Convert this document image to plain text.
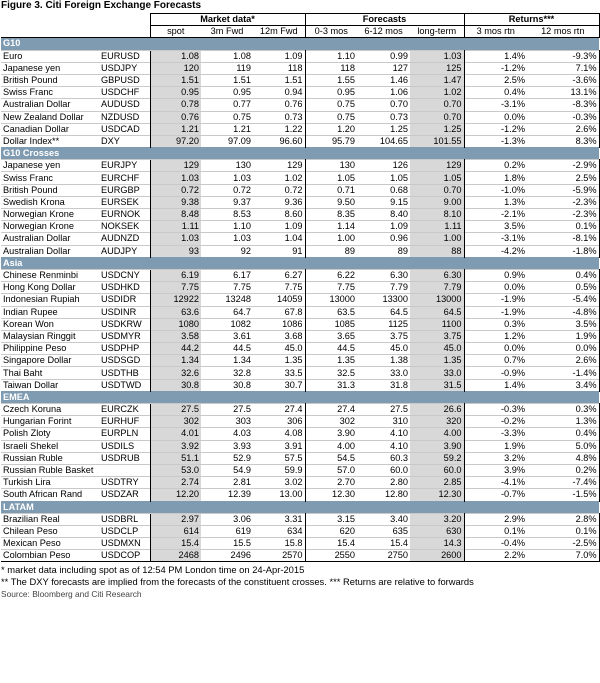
Figure 3. Citi Foreign Exchange Forecasts
		Market data*			Forecasts			Returns***	
		spot	3m Fwd	12m Fwd	0-3 mos	6-12 mos	long-term	3 mos rtn	12 mos rtn
G10									
Euro	EURUSD	1.08	1.08	1.09	1.10	0.99	1.03	1.4%	-9.3%
Japanese yen	USDJPY	120	119	118	118	127	125	-1.2%	7.1%
British Pound	GBPUSD	1.51	1.51	1.51	1.55	1.46	1.47	2.5%	-3.6%
Swiss Franc	USDCHF	0.95	0.95	0.94	0.95	1.06	1.02	0.4%	13.1%
Australian Dollar	AUDUSD	0.78	0.77	0.76	0.75	0.70	0.70	-3.1%	-8.3%
New Zealand Dollar	NZDUSD	0.76	0.75	0.73	0.75	0.73	0.70	0.0%	-0.3%
Canadian Dollar	USDCAD	1.21	1.21	1.22	1.20	1.25	1.25	-1.2%	2.6%
Dollar Index**	DXY	97.20	97.09	96.60	95.79	104.65	101.55	-1.3%	8.3%
G10 Crosses									
Japanese yen	EURJPY	129	130	129	130	126	129	0.2%	-2.9%
Swiss Franc	EURCHF	1.03	1.03	1.02	1.05	1.05	1.05	1.8%	2.5%
British Pound	EURGBP	0.72	0.72	0.72	0.71	0.68	0.70	-1.0%	-5.9%
Swedish Krona	EURSEK	9.38	9.37	9.36	9.50	9.15	9.00	1.3%	-2.3%
Norwegian Krone	EURNOK	8.48	8.53	8.60	8.35	8.40	8.10	-2.1%	-2.3%
Norwegian Krone	NOKSEK	1.11	1.10	1.09	1.14	1.09	1.11	3.5%	0.1%
Australian Dollar	AUDNZD	1.03	1.03	1.04	1.00	0.96	1.00	-3.1%	-8.1%
Australian Dollar	AUDJPY	93	92	91	89	89	88	-4.2%	-1.8%
Asia									
Chinese Renminbi	USDCNY	6.19	6.17	6.27	6.22	6.30	6.30	0.9%	0.4%
Hong Kong Dollar	USDHKD	7.75	7.75	7.75	7.75	7.79	7.79	0.0%	0.5%
Indonesian Rupiah	USDIDR	12922	13248	14059	13000	13300	13000	-1.9%	-5.4%
Indian Rupee	USDINR	63.6	64.7	67.8	63.5	64.5	64.5	-1.9%	-4.8%
Korean Won	USDKRW	1080	1082	1086	1085	1125	1100	0.3%	3.5%
Malaysian Ringgit	USDMYR	3.58	3.61	3.68	3.65	3.75	3.75	1.2%	1.9%
Philippine Peso	USDPHP	44.2	44.5	45.0	44.5	45.0	45.0	0.0%	0.0%
Singapore Dollar	USDSGD	1.34	1.34	1.35	1.35	1.38	1.35	0.7%	2.6%
Thai Baht	USDTHB	32.6	32.8	33.5	32.5	33.0	33.0	-0.9%	-1.4%
Taiwan Dollar	USDTWD	30.8	30.8	30.7	31.3	31.8	31.5	1.4%	3.4%
EMEA									
Czech Koruna	EURCZK	27.5	27.5	27.4	27.4	27.5	26.6	-0.3%	0.3%
Hungarian Forint	EURHUF	302	303	306	302	310	320	-0.2%	1.3%
Polish Zloty	EURPLN	4.01	4.03	4.08	3.90	4.10	4.00	-3.3%	0.4%
Israeli Shekel	USDILS	3.92	3.93	3.91	4.00	4.10	3.90	1.9%	5.0%
Russian Ruble	USDRUB	51.1	52.9	57.5	54.5	60.3	59.2	3.2%	4.8%
Russian Ruble Basket		53.0	54.9	59.9	57.0	60.0	60.0	3.9%	0.2%
Turkish Lira	USDTRY	2.74	2.81	3.02	2.70	2.80	2.85	-4.1%	-7.4%
South African Rand	USDZAR	12.20	12.39	13.00	12.30	12.80	12.30	-0.7%	-1.5%
LATAM									
Brazilian Real	USDBRL	2.97	3.06	3.31	3.15	3.40	3.20	2.9%	2.8%
Chilean Peso	USDCLP	614	619	634	620	635	630	0.1%	0.1%
Mexican Peso	USDMXN	15.4	15.5	15.8	15.4	15.4	14.3	-0.4%	-2.5%
Colombian Peso	USDCOP	2468	2496	2570	2550	2750	2600	2.2%	7.0%
* market data including spot as of 12:54 PM London time on 24-Apr-2015
** The DXY forecasts are implied from the forecasts of the constituent crosses. *** Returns are relative to forwards
Source: Bloomberg and Citi Research
